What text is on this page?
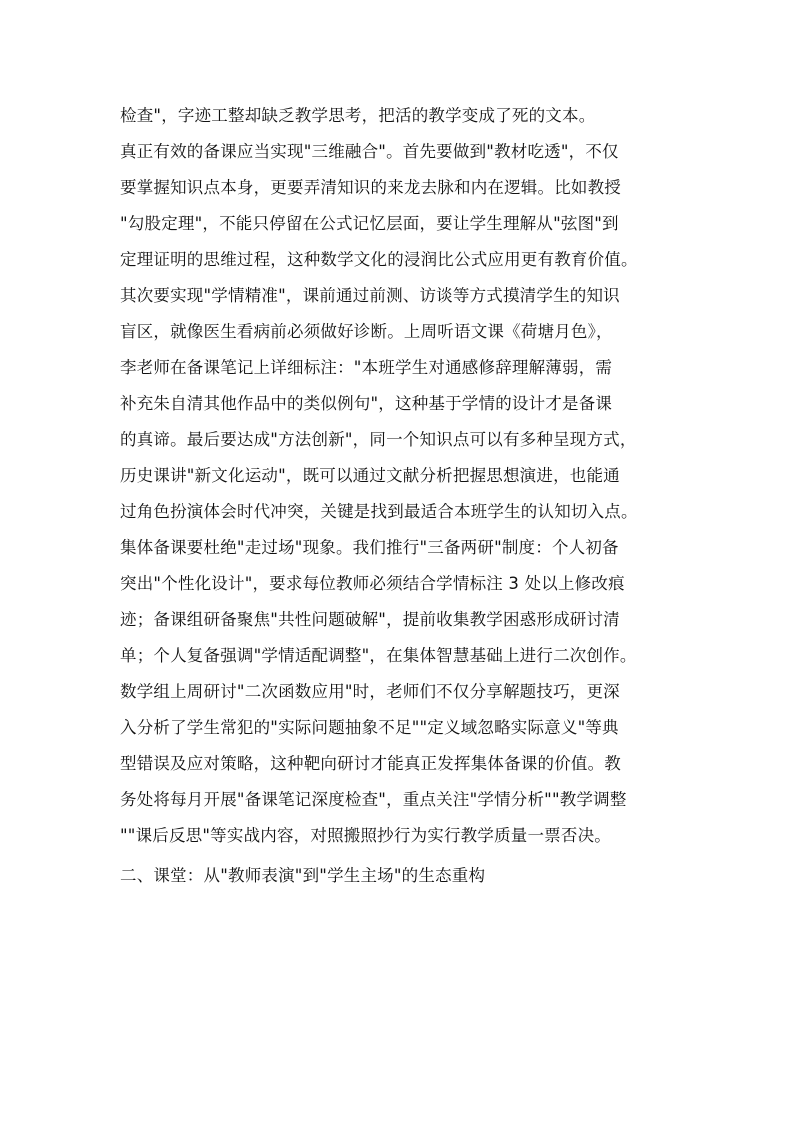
检查"，字迹工整却缺乏教学思考，把活的教学变成了死的文本。
真正有效的备课应当实现"三维融合"。首先要做到"教材吃透"，不仅
要掌握知识点本身，更要弄清知识的来龙去脉和内在逻辑。比如教授
"勾股定理"，不能只停留在公式记忆层面，要让学生理解从"弦图"到
定理证明的思维过程，这种数学文化的浸润比公式应用更有教育价值。
其次要实现"学情精准"，课前通过前测、访谈等方式摸清学生的知识
盲区，就像医生看病前必须做好诊断。上周听语文课《荷塘月色》，
李老师在备课笔记上详细标注："本班学生对通感修辞理解薄弱，需
补充朱自清其他作品中的类似例句"，这种基于学情的设计才是备课
的真谛。最后要达成"方法创新"，同一个知识点可以有多种呈现方式，
历史课讲"新文化运动"，既可以通过文献分析把握思想演进，也能通
过角色扮演体会时代冲突，关键是找到最适合本班学生的认知切入点。
集体备课要杜绝"走过场"现象。我们推行"三备两研"制度：个人初备
突出"个性化设计"，要求每位教师必须结合学情标注 3 处以上修改痕
迹；备课组研备聚焦"共性问题破解"，提前收集教学困惑形成研讨清
单；个人复备强调"学情适配调整"，在集体智慧基础上进行二次创作。
数学组上周研讨"二次函数应用"时，老师们不仅分享解题技巧，更深
入分析了学生常犯的"实际问题抽象不足""定义域忽略实际意义"等典
型错误及应对策略，这种靶向研讨才能真正发挥集体备课的价值。教
务处将每月开展"备课笔记深度检查"，重点关注"学情分析""教学调整
""课后反思"等实战内容，对照搬照抄行为实行教学质量一票否决。
二、课堂：从"教师表演"到"学生主场"的生态重构
